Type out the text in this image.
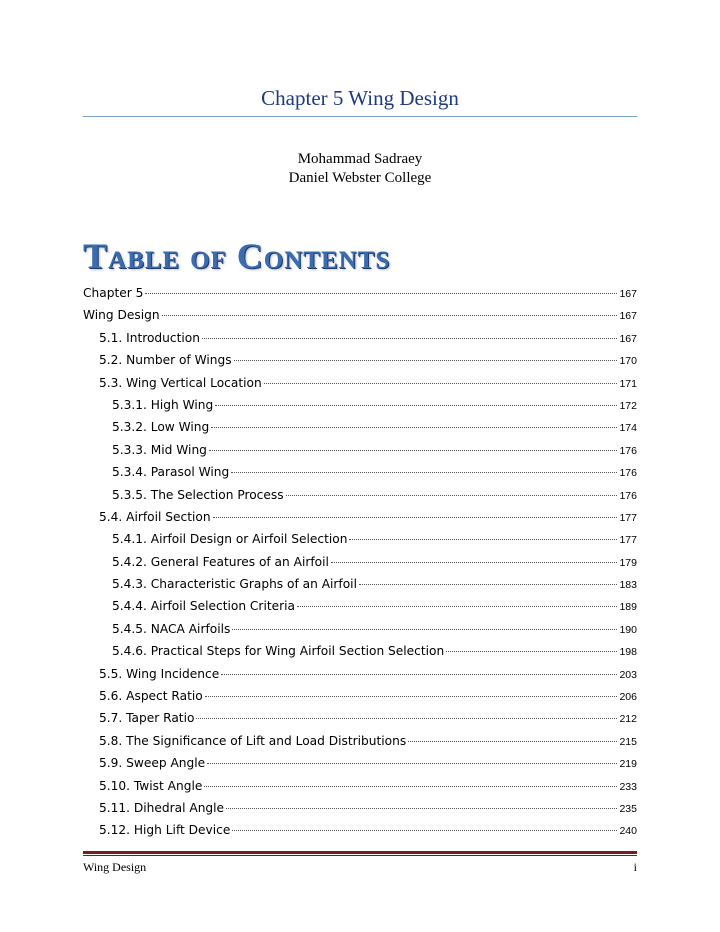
Chapter 5 Wing Design
Mohammad Sadraey
Daniel Webster College
Table of Contents
Chapter 5	167
Wing Design	167
5.1. Introduction	167
5.2. Number of Wings	170
5.3. Wing Vertical Location	171
5.3.1. High Wing	172
5.3.2. Low Wing	174
5.3.3. Mid Wing	176
5.3.4. Parasol Wing	176
5.3.5. The Selection Process	176
5.4. Airfoil Section	177
5.4.1. Airfoil Design or Airfoil Selection	177
5.4.2. General Features of an Airfoil	179
5.4.3. Characteristic Graphs of an Airfoil	183
5.4.4. Airfoil Selection Criteria	189
5.4.5. NACA Airfoils	190
5.4.6. Practical Steps for Wing Airfoil Section Selection	198
5.5. Wing Incidence	203
5.6. Aspect Ratio	206
5.7. Taper Ratio	212
5.8. The Significance of Lift and Load Distributions	215
5.9. Sweep Angle	219
5.10. Twist Angle	233
5.11. Dihedral Angle	235
5.12. High Lift Device	240
Wing Design	i
